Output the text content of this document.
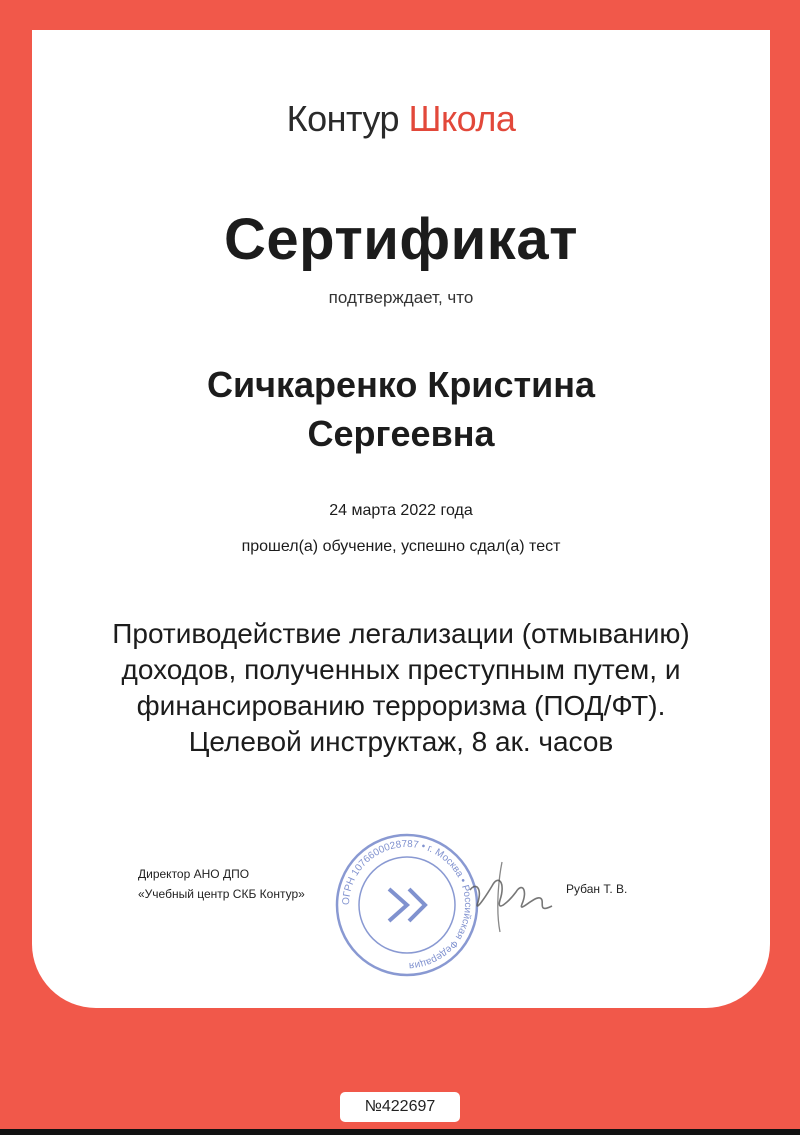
Контур Школа
Сертификат
подтверждает, что
Сичкаренко Кристина
Сергеевна
24 марта 2022 года
прошел(а) обучение, успешно сдал(а) тест
Противодействие легализации (отмыванию) доходов, полученных преступным путем, и финансированию терроризма (ПОД/ФТ). Целевой инструктаж, 8 ак. часов
Директор АНО ДПО
«Учебный центр СКБ Контур»
ОГРН 1076600028787 • г. Москва • Российская Федерация
Рубан Т. В.
№422697
